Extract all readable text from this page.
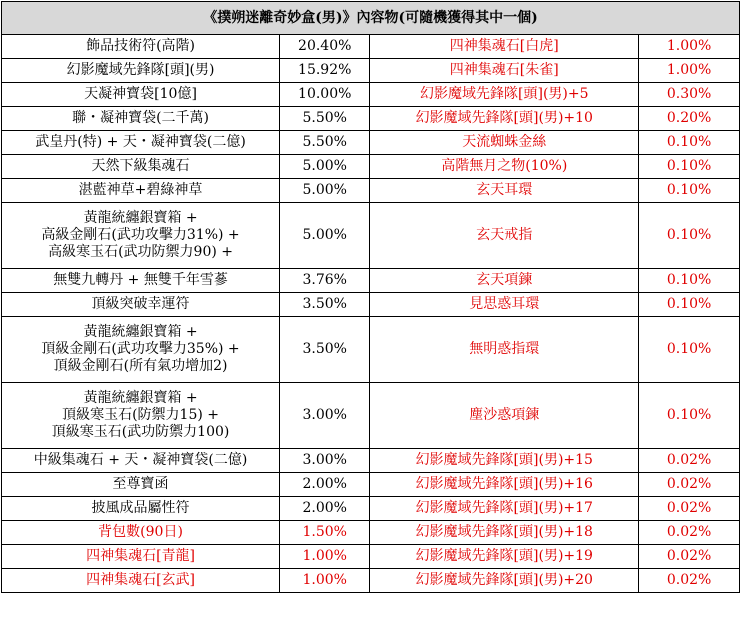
《撲朔迷離奇妙盒(男)》內容物(可隨機獲得其中一個)			
飾品技術符(高階)	20.40%	四神集魂石[白虎]	1.00%
幻影魔域先鋒隊[頭](男)	15.92%	四神集魂石[朱雀]	1.00%
天凝神寶袋[10億]	10.00%	幻影魔域先鋒隊[頭](男)+5	0.30%
聯・凝神寶袋(二千萬)	5.50%	幻影魔域先鋒隊[頭](男)+10	0.20%
武皇丹(特) + 天・凝神寶袋(二億)	5.50%	天流蜘蛛金絲	0.10%
天然下級集魂石	5.00%	高階無月之物(10%)	0.10%
湛藍神草+碧綠神草	5.00%	玄天耳環	0.10%

黃龍統纏銀寶箱 +
高級金剛石(武功攻擊力31%) +
高級寒玉石(武功防禦力90) +	5.00%	玄天戒指	0.10%
無雙九轉丹 + 無雙千年雪蔘	3.76%	玄天項鍊	0.10%
頂級突破幸運符	3.50%	見思惑耳環	0.10%

黃龍統纏銀寶箱 +
頂級金剛石(武功攻擊力35%) +
頂級金剛石(所有氣功增加2)	3.50%	無明惑指環	0.10%

黃龍統纏銀寶箱 +
頂級寒玉石(防禦力15) +
頂級寒玉石(武功防禦力100)	3.00%	塵沙惑項鍊	0.10%
中級集魂石 + 天・凝神寶袋(二億)	3.00%	幻影魔域先鋒隊[頭](男)+15	0.02%
至尊寶函	2.00%	幻影魔域先鋒隊[頭](男)+16	0.02%
披風成品屬性符	2.00%	幻影魔域先鋒隊[頭](男)+17	0.02%
背包數(90日)	1.50%	幻影魔域先鋒隊[頭](男)+18	0.02%
四神集魂石[青龍]	1.00%	幻影魔域先鋒隊[頭](男)+19	0.02%
四神集魂石[玄武]	1.00%	幻影魔域先鋒隊[頭](男)+20	0.02%
